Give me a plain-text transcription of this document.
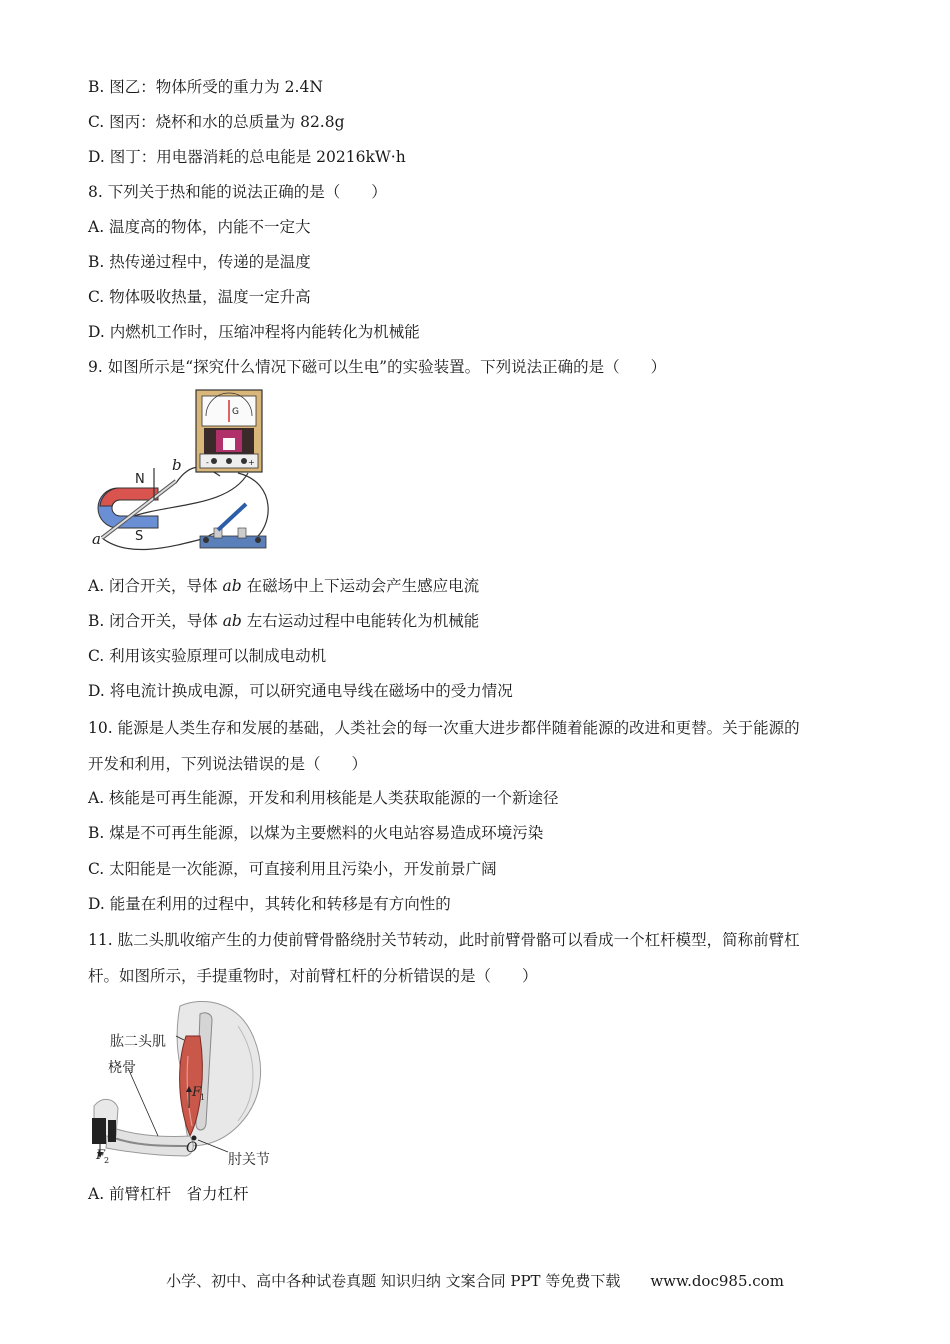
B. 图乙：物体所受的重力为 2.4N
C. 图丙：烧杯和水的总质量为 82.8g
D. 图丁：用电器消耗的总电能是 20216kW·h
8. 下列关于热和能的说法正确的是（　　）
A. 温度高的物体，内能不一定大
B. 热传递过程中，传递的是温度
C. 物体吸收热量，温度一定升高
D. 内燃机工作时，压缩冲程将内能转化为机械能
9. 如图所示是“探究什么情况下磁可以生电”的实验装置。下列说法正确的是（　　）
N
S
a
b
G
-	+
A. 闭合开关，导体 ab 在磁场中上下运动会产生感应电流
B. 闭合开关，导体 ab 左右运动过程中电能转化为机械能
C. 利用该实验原理可以制成电动机
D. 将电流计换成电源，可以研究通电导线在磁场中的受力情况
10. 能源是人类生存和发展的基础，人类社会的每一次重大进步都伴随着能源的改进和更替。关于能源的
开发和利用，下列说法错误的是（　　）
A. 核能是可再生能源，开发和利用核能是人类获取能源的一个新途径
B. 煤是不可再生能源，以煤为主要燃料的火电站容易造成环境污染
C. 太阳能是一次能源，可直接利用且污染小，开发前景广阔
D. 能量在利用的过程中，其转化和转移是有方向性的
11. 肱二头肌收缩产生的力使前臂骨骼绕肘关节转动，此时前臂骨骼可以看成一个杠杆模型，简称前臂杠
杆。如图所示，手提重物时，对前臂杠杆的分析错误的是（　　）
肱二头肌
桡骨
F
1
F
2
O
肘关节
A. 前臂杠杆　省力杠杆
小学、初中、高中各种试卷真题 知识归纳 文案合同 PPT 等免费下载　　www.doc985.com
